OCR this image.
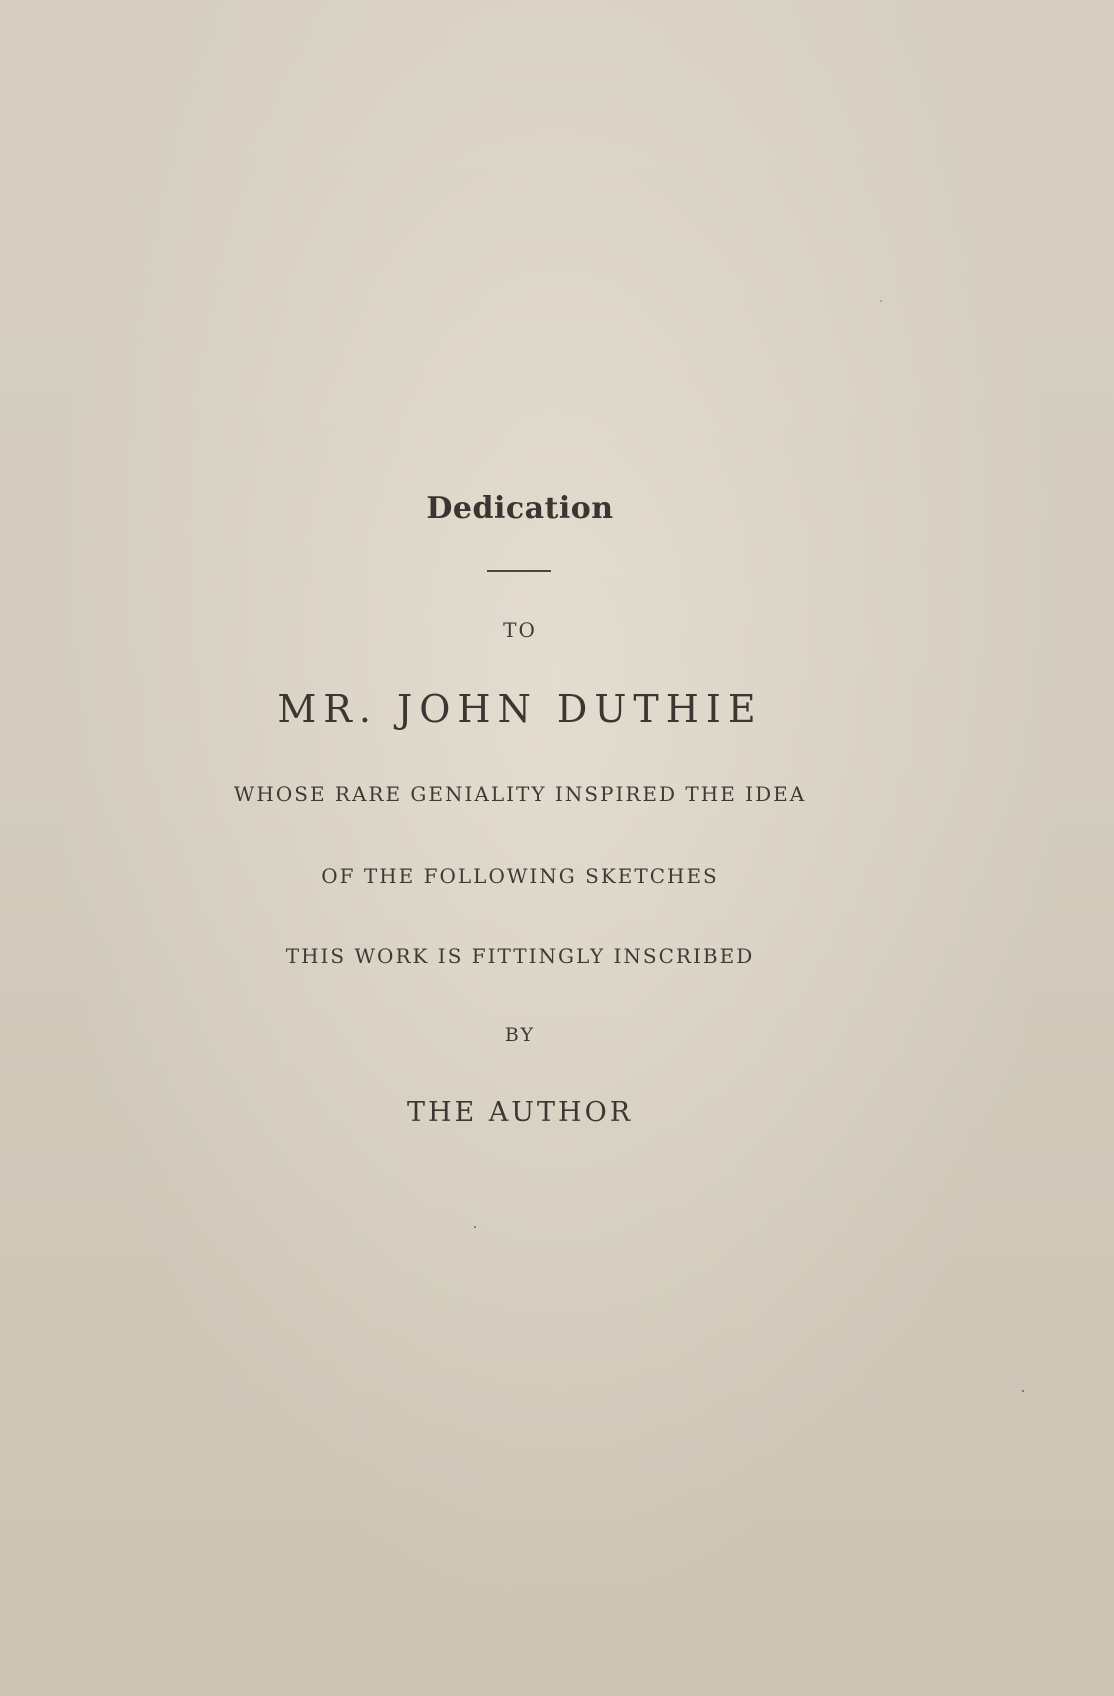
Dedication
TO
MR. JOHN DUTHIE
WHOSE RARE GENIALITY INSPIRED THE IDEA
OF THE FOLLOWING SKETCHES
THIS WORK IS FITTINGLY INSCRIBED
BY
THE AUTHOR
